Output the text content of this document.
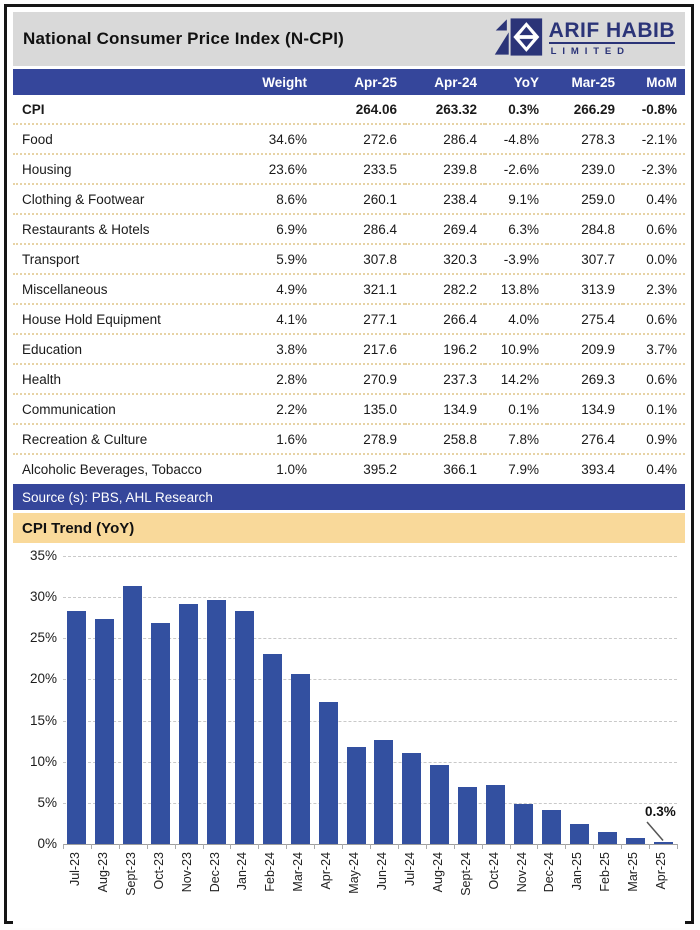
National Consumer Price Index (N-CPI)	ARIF HABIB
LIMITED
	Weight	Apr-25	Apr-24	YoY	Mar-25	MoM
CPI		264.06	263.32	0.3%	266.29	-0.8%
Food	34.6%	272.6	286.4	-4.8%	278.3	-2.1%
Housing	23.6%	233.5	239.8	-2.6%	239.0	-2.3%
Clothing & Footwear	8.6%	260.1	238.4	9.1%	259.0	0.4%
Restaurants & Hotels	6.9%	286.4	269.4	6.3%	284.8	0.6%
Transport	5.9%	307.8	320.3	-3.9%	307.7	0.0%
Miscellaneous	4.9%	321.1	282.2	13.8%	313.9	2.3%
House Hold Equipment	4.1%	277.1	266.4	4.0%	275.4	0.6%
Education	3.8%	217.6	196.2	10.9%	209.9	3.7%
Health	2.8%	270.9	237.3	14.2%	269.3	0.6%
Communication	2.2%	135.0	134.9	0.1%	134.9	0.1%
Recreation & Culture	1.6%	278.9	258.8	7.8%	276.4	0.9%
Alcoholic Beverages, Tobacco	1.0%	395.2	366.1	7.9%	393.4	0.4%
Source (s): PBS, AHL Research
CPI Trend (YoY)
0%
5%
10%
15%
20%
25%
30%
35%
Jul-23 Aug-23 Sept-23 Oct-23 Nov-23 Dec-23 Jan-24 Feb-24 Mar-24 Apr-24 May-24 Jun-24 Jul-24 Aug-24 Sept-24 Oct-24 Nov-24 Dec-24 Jan-25 Feb-25 Mar-25 Apr-25
0.3%
